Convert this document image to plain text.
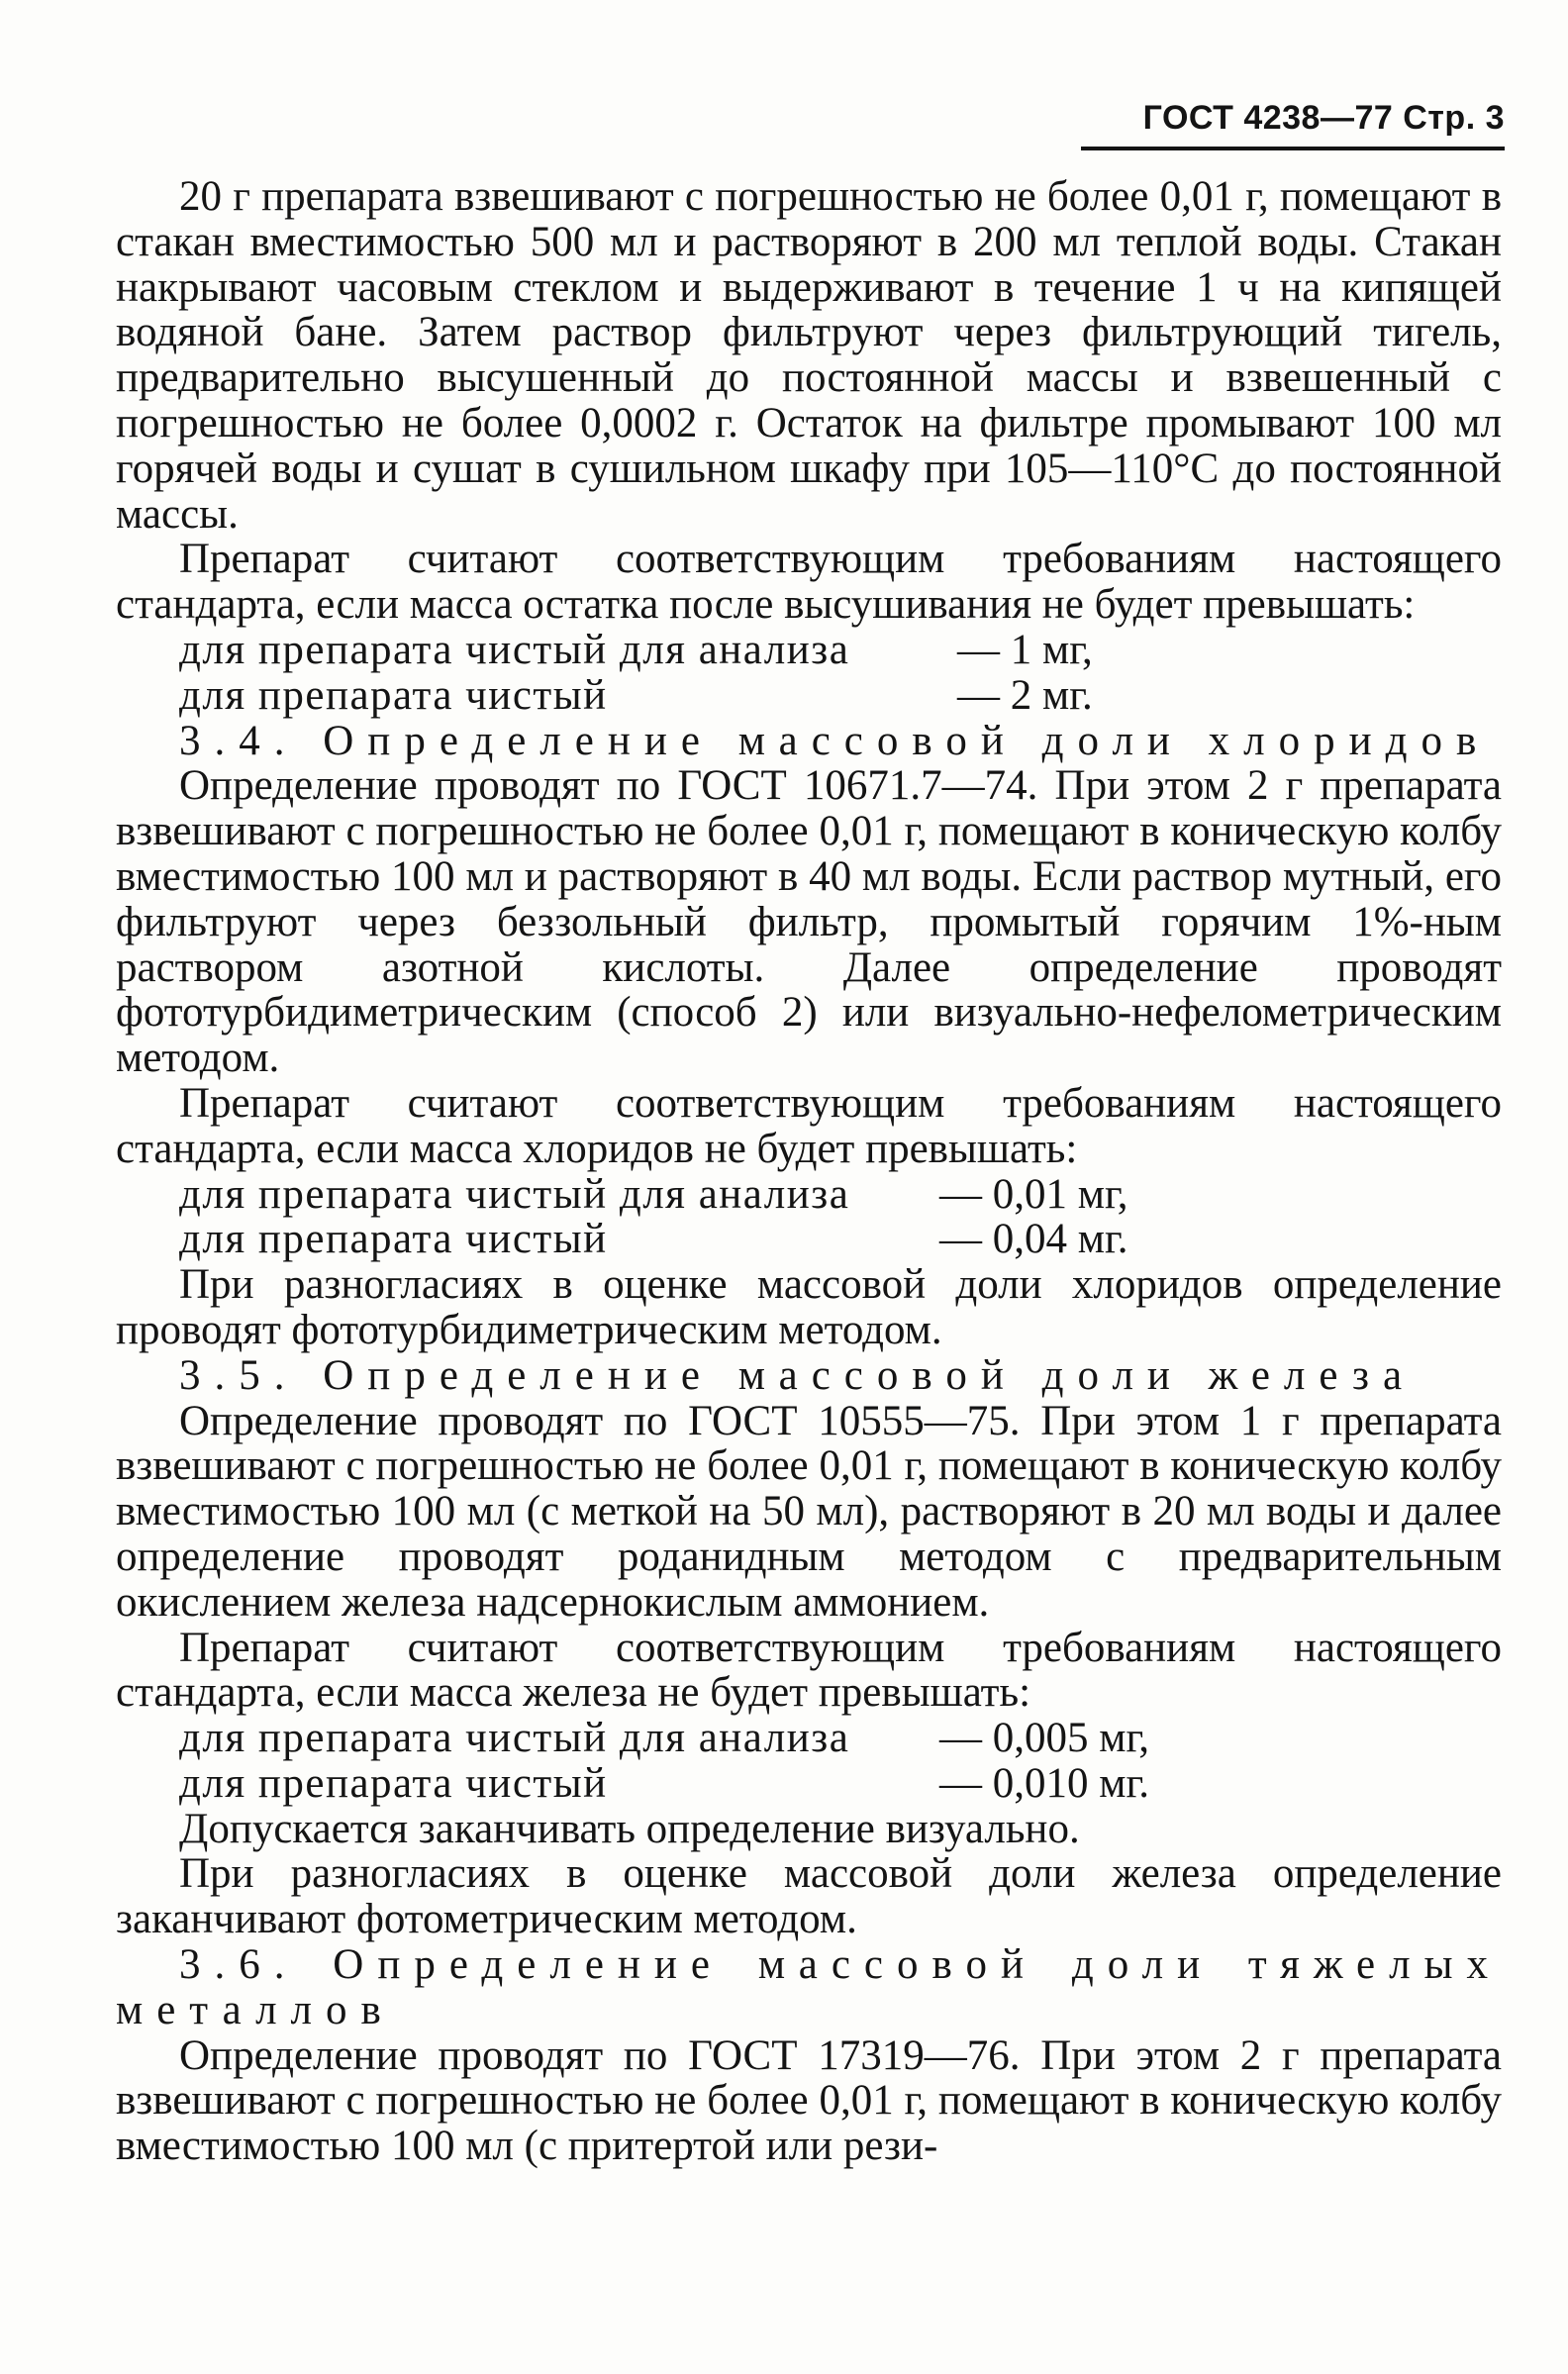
ГОСТ 4238—77 Стр. 3

20 г препарата взвешивают с погрешностью не более 0,01 г, помещают в стакан вместимостью 500 мл и растворяют в 200 мл теплой воды. Стакан накрывают часовым стеклом и выдерживают в течение 1 ч на кипящей водяной бане. Затем раствор фильтруют через фильтрующий тигель, предварительно высушенный до постоянной массы и взвешенный с погрешностью не более 0,0002 г. Остаток на фильтре промывают 100 мл горячей воды и сушат в сушильном шкафу при 105—110°С до постоянной массы.

Препарат считают соответствующим требованиям настоящего стандарта, если масса остатка после высушивания не будет превышать:

для препарата чистый для анализа	— 1 мг,
для препарата чистый	— 2 мг.

3.4. Определение массовой доли хлоридов

Определение проводят по ГОСТ 10671.7—74. При этом 2 г препарата взвешивают с погрешностью не более 0,01 г, помещают в коническую колбу вместимостью 100 мл и растворяют в 40 мл воды. Если раствор мутный, его фильтруют через беззольный фильтр, промытый горячим 1%-ным раствором азотной кислоты. Далее определение проводят фототурбидиметрическим (способ 2) или визуально-нефелометрическим методом.

Препарат считают соответствующим требованиям настоящего стандарта, если масса хлоридов не будет превышать:

для препарата чистый для анализа — 0,01 мг,
для препарата чистый	— 0,04 мг.

При разногласиях в оценке массовой доли хлоридов определение проводят фототурбидиметрическим методом.

3.5. Определение массовой доли железа

Определение проводят по ГОСТ 10555—75. При этом 1 г препарата взвешивают с погрешностью не более 0,01 г, помещают в коническую колбу вместимостью 100 мл (с меткой на 50 мл), растворяют в 20 мл воды и далее определение проводят роданидным методом с предварительным окислением железа надсернокислым аммонием.

Препарат считают соответствующим требованиям настоящего стандарта, если масса железа не будет превышать:

для препарата чистый для анализа — 0,005 мг,
для препарата чистый	— 0,010 мг.

Допускается заканчивать определение визуально.

При разногласиях в оценке массовой доли железа определение заканчивают фотометрическим методом.

3.6. Определение массовой доли тяжелых металлов

Определение проводят по ГОСТ 17319—76. При этом 2 г препарата взвешивают с погрешностью не более 0,01 г, помещают в коническую колбу вместимостью 100 мл (с притертой или рези-
